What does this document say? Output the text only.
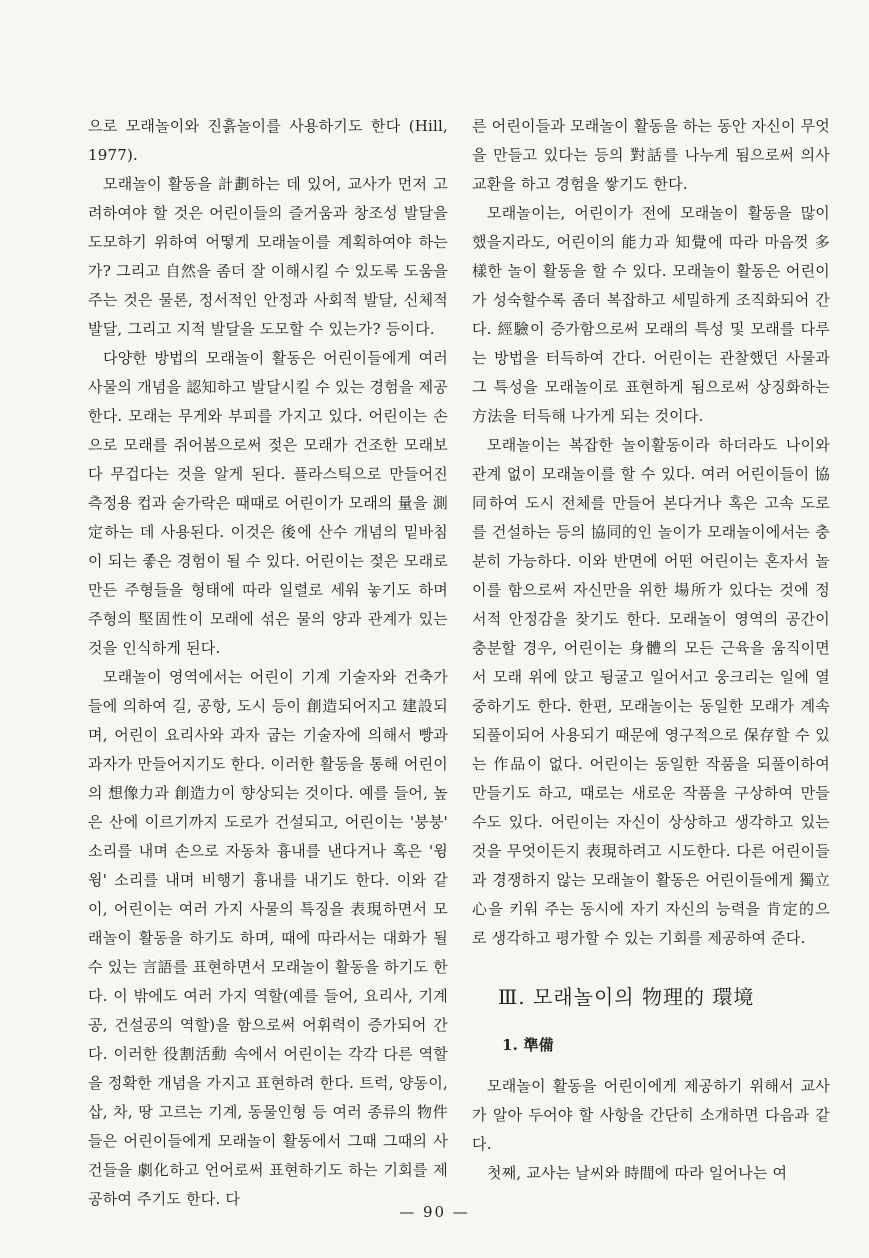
으로 모래놀이와 진흙놀이를 사용하기도 한다 (Hill, 1977).

모래놀이 활동을 計劃하는 데 있어, 교사가 먼저 고려하여야 할 것은 어린이들의 즐거움과 창조성 발달을 도모하기 위하여 어떻게 모래놀이를 계획하여야 하는가? 그리고 自然을 좀더 잘 이해시킬 수 있도록 도움을 주는 것은 물론, 정서적인 안정과 사회적 발달, 신체적 발달, 그리고 지적 발달을 도모할 수 있는가? 등이다.

다양한 방법의 모래놀이 활동은 어린이들에게 여러 사물의 개념을 認知하고 발달시킬 수 있는 경험을 제공한다. 모래는 무게와 부피를 가지고 있다. 어린이는 손으로 모래를 쥐어봄으로써 젖은 모래가 건조한 모래보다 무겁다는 것을 알게 된다. 플라스틱으로 만들어진 측정용 컵과 숟가락은 때때로 어린이가 모래의 量을 測定하는 데 사용된다. 이것은 後에 산수 개념의 밑바침이 되는 좋은 경험이 될 수 있다. 어린이는 젖은 모래로 만든 주형들을 형태에 따라 일렬로 세워 놓기도 하며 주형의 堅固性이 모래에 섞은 물의 양과 관계가 있는 것을 인식하게 된다.

모래놀이 영역에서는 어린이 기계 기술자와 건축가들에 의하여 길, 공항, 도시 등이 創造되어지고 建設되며, 어린이 요리사와 과자 굽는 기술자에 의해서 빵과 과자가 만들어지기도 한다. 이러한 활동을 통해 어린이의 想像力과 創造力이 향상되는 것이다. 예를 들어, 높은 산에 이르기까지 도로가 건설되고, 어린이는 '붕붕' 소리를 내며 손으로 자동차 흉내를 낸다거나 혹은 '윙윙' 소리를 내며 비행기 흉내를 내기도 한다. 이와 같이, 어린이는 여러 가지 사물의 특징을 表現하면서 모래놀이 활동을 하기도 하며, 때에 따라서는 대화가 될 수 있는 言語를 표현하면서 모래놀이 활동을 하기도 한다. 이 밖에도 여러 가지 역할(예를 들어, 요리사, 기계공, 건설공의 역할)을 함으로써 어휘력이 증가되어 간다. 이러한 役割活動 속에서 어린이는 각각 다른 역할을 정확한 개념을 가지고 표현하려 한다. 트럭, 양동이, 삽, 차, 땅 고르는 기계, 동물인형 등 여러 종류의 物件들은 어린이들에게 모래놀이 활동에서 그때 그때의 사건들을 劇化하고 언어로써 표현하기도 하는 기회를 제공하여 주기도 한다. 다

른 어린이들과 모래놀이 활동을 하는 동안 자신이 무엇을 만들고 있다는 등의 對話를 나누게 됨으로써 의사 교환을 하고 경험을 쌓기도 한다.

모래놀이는, 어린이가 전에 모래놀이 활동을 많이 했을지라도, 어린이의 能力과 知覺에 따라 마음껏 多樣한 놀이 활동을 할 수 있다. 모래놀이 활동은 어린이가 성숙할수록 좀더 복잡하고 세밀하게 조직화되어 간다. 經驗이 증가함으로써 모래의 특성 및 모래를 다루는 방법을 터득하여 간다. 어린이는 관찰했던 사물과 그 특성을 모래놀이로 표현하게 됨으로써 상징화하는 方法을 터득해 나가게 되는 것이다.

모래놀이는 복잡한 놀이활동이라 하더라도 나이와 관계 없이 모래놀이를 할 수 있다. 여러 어린이들이 協同하여 도시 전체를 만들어 본다거나 혹은 고속 도로를 건설하는 등의 協同的인 놀이가 모래놀이에서는 충분히 가능하다. 이와 반면에 어떤 어린이는 혼자서 놀이를 함으로써 자신만을 위한 場所가 있다는 것에 정서적 안정감을 찾기도 한다. 모래놀이 영역의 공간이 충분할 경우, 어린이는 身體의 모든 근육을 움직이면서 모래 위에 앉고 뒹굴고 일어서고 웅크리는 일에 열중하기도 한다. 한편, 모래놀이는 동일한 모래가 계속 되풀이되어 사용되기 때문에 영구적으로 保存할 수 있는 作品이 없다. 어린이는 동일한 작품을 되풀이하여 만들기도 하고, 때로는 새로운 작품을 구상하여 만들 수도 있다. 어린이는 자신이 상상하고 생각하고 있는 것을 무엇이든지 表現하려고 시도한다. 다른 어린이들과 경쟁하지 않는 모래놀이 활동은 어린이들에게 獨立心을 키워 주는 동시에 자기 자신의 능력을 肯定的으로 생각하고 평가할 수 있는 기회를 제공하여 준다.

Ⅲ. 모래놀이의 物理的 環境
1. 準備

모래놀이 활동을 어린이에게 제공하기 위해서 교사가 알아 두어야 할 사항을 간단히 소개하면 다음과 같다.

첫째, 교사는 날씨와 時間에 따라 일어나는 여

— 90 —
